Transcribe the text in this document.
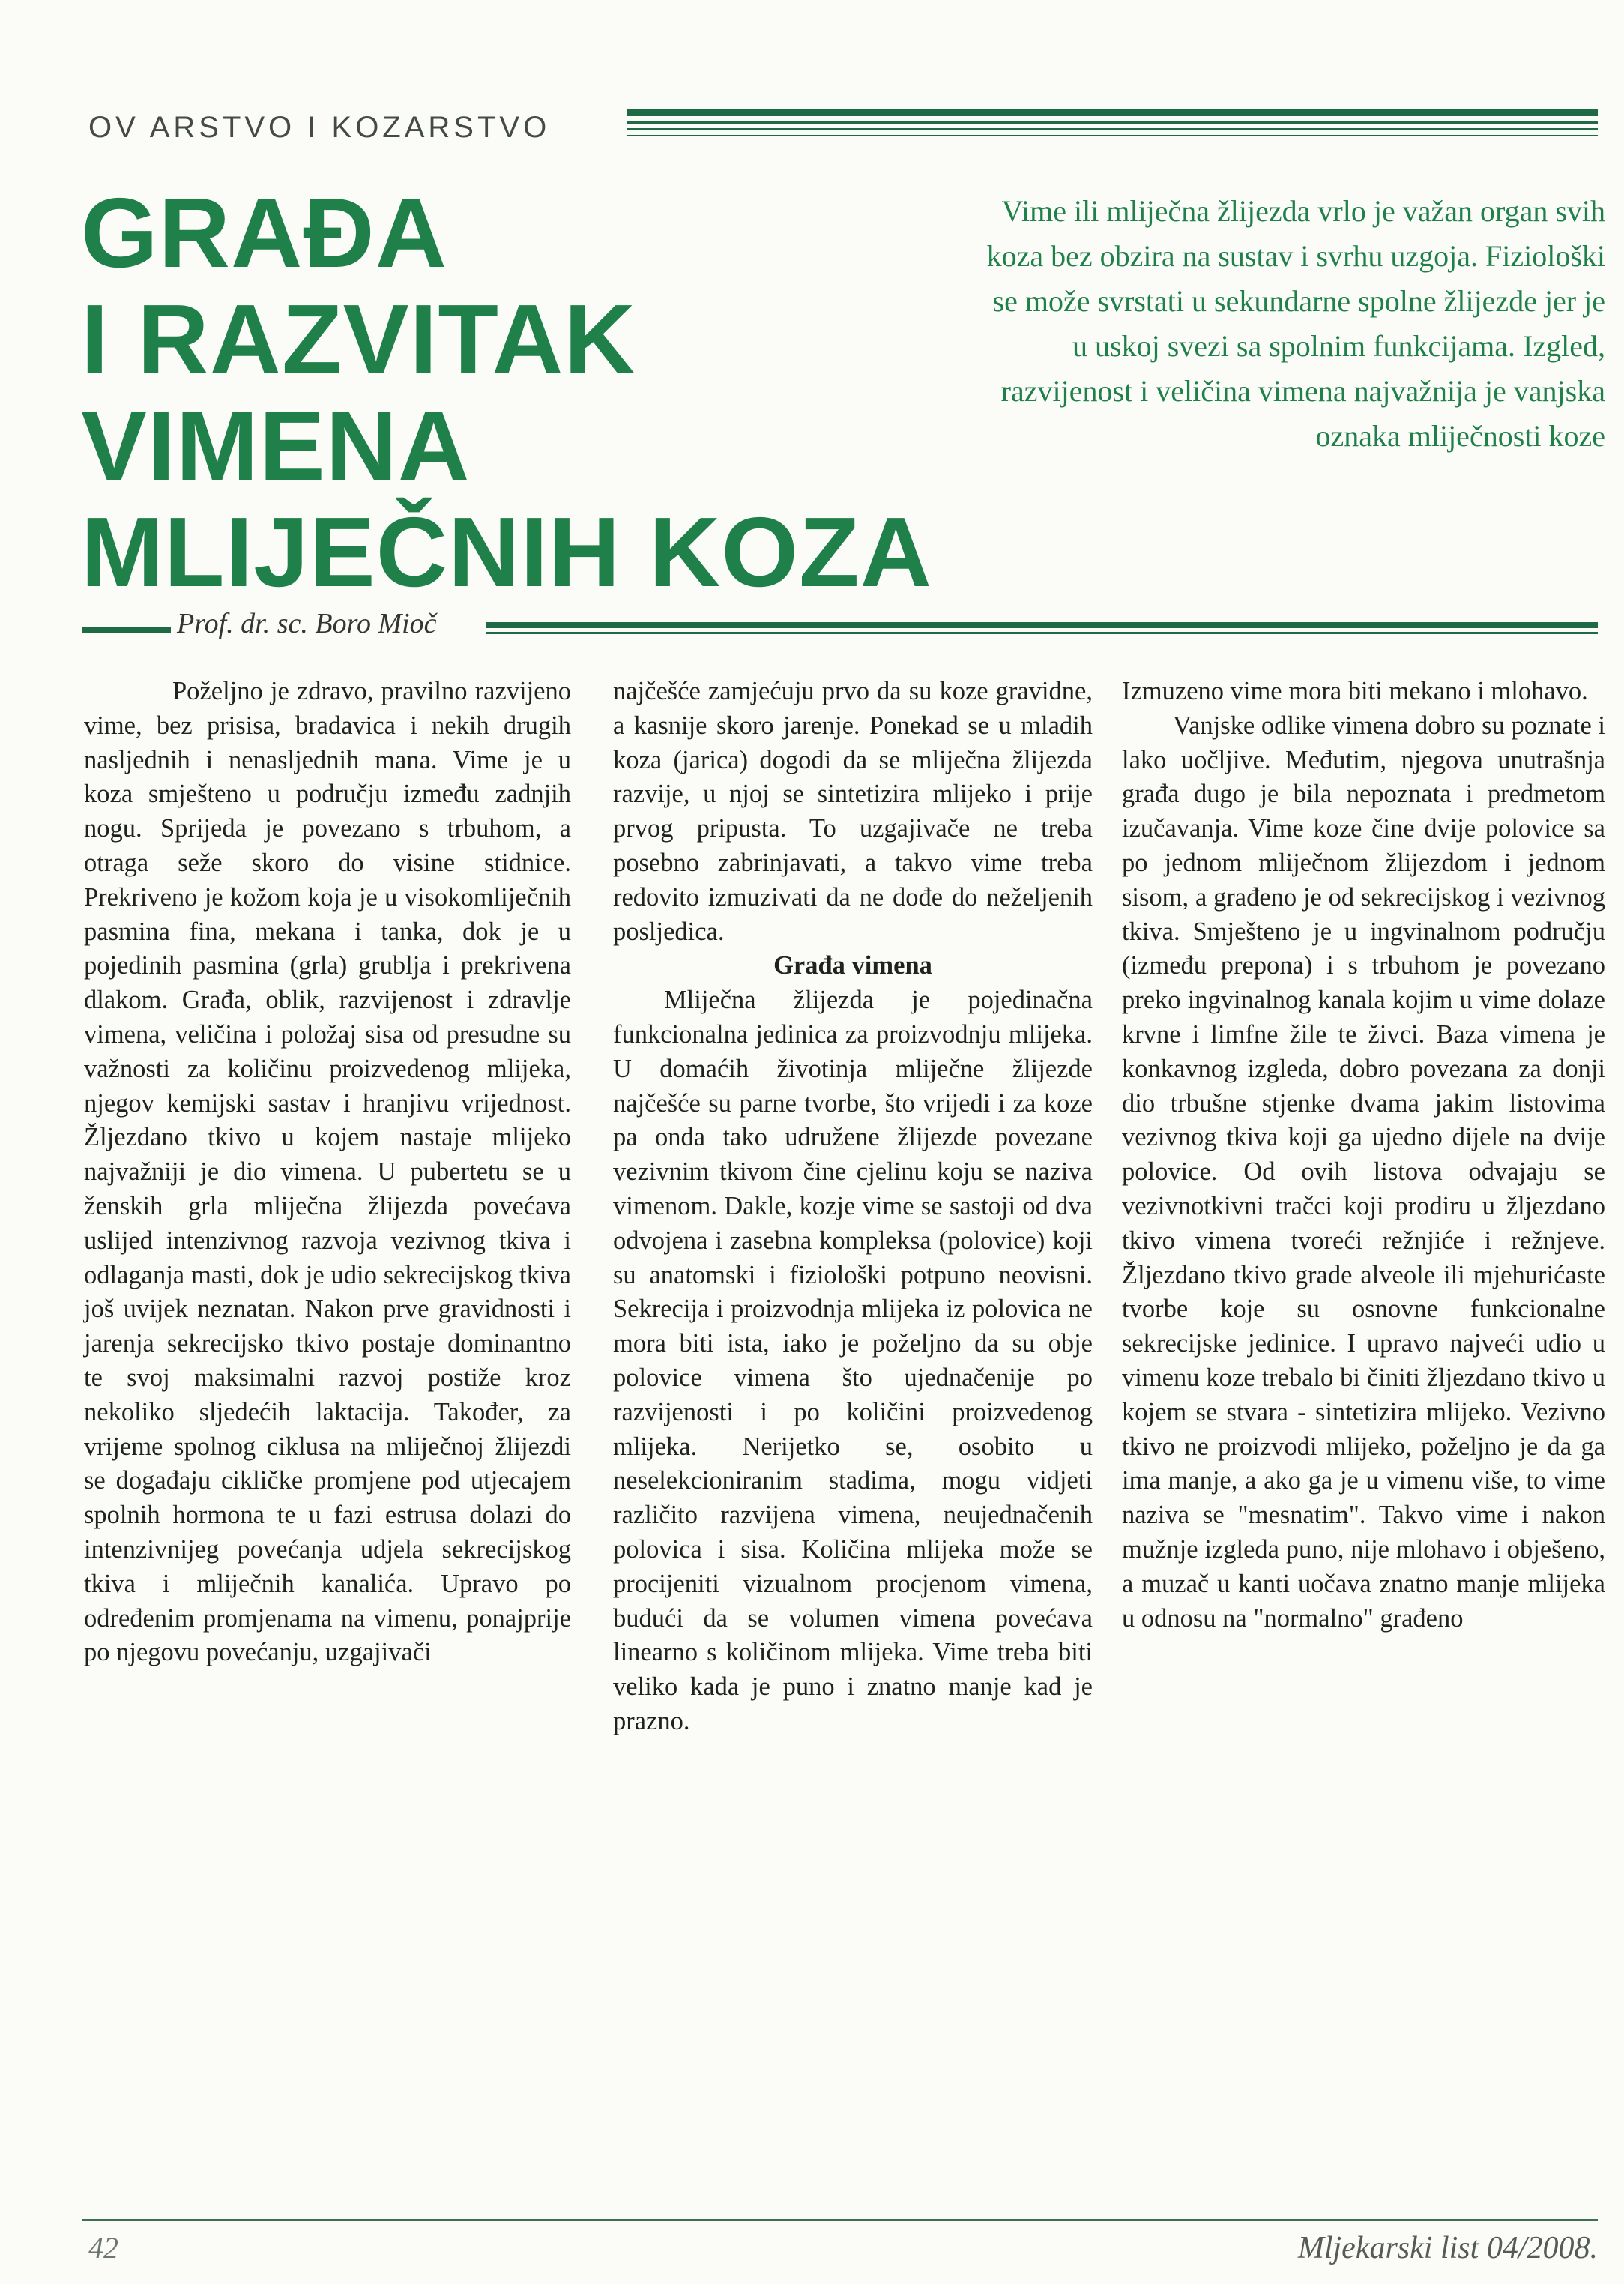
OV ARSTVO I KOZARSTVO
GRAĐA
I RAZVITAK
VIMENA
MLIJEČNIH KOZA

Vime ili mliječna žlijezda vrlo je važan organ svih koza bez obzira na sustav i svrhu uzgoja. Fiziološki se može svrstati u sekundarne spolne žlijezde jer je u uskoj svezi sa spolnim funkcijama. Izgled, razvijenost i veličina vimena najvažnija je vanjska oznaka mliječnosti koze

Prof. dr. sc. Boro Mioč

Poželjno je zdravo, pravilno razvijeno vime, bez prisisa, bradavica i nekih drugih nasljednih i nenasljednih mana. Vime je u koza smješteno u području između zadnjih nogu. Sprijeda je povezano s trbuhom, a otraga seže skoro do visine stidnice. Prekriveno je kožom koja je u visokomliječnih pasmina fina, mekana i tanka, dok je u pojedinih pasmina (grla) grublja i prekrivena dlakom. Građa, oblik, razvijenost i zdravlje vimena, veličina i položaj sisa od presudne su važnosti za količinu proizvedenog mlijeka, njegov kemijski sastav i hranjivu vrijednost. Žljezdano tkivo u kojem nastaje mlijeko najvažniji je dio vimena. U pubertetu se u ženskih grla mliječna žlijezda povećava uslijed intenzivnog razvoja vezivnog tkiva i odlaganja masti, dok je udio sekrecijskog tkiva još uvijek neznatan. Nakon prve gravidnosti i jarenja sekrecijsko tkivo postaje dominantno te svoj maksimalni razvoj postiže kroz nekoliko sljedećih laktacija. Također, za vrijeme spolnog ciklusa na mliječnoj žlijezdi se događaju cikličke promjene pod utjecajem spolnih hormona te u fazi estrusa dolazi do intenzivnijeg povećanja udjela sekrecijskog tkiva i mliječnih kanalića. Upravo po određenim promjenama na vimenu, ponajprije po njegovu povećanju, uzgajivači

najčešće zamjećuju prvo da su koze gravidne, a kasnije skoro jarenje. Ponekad se u mladih koza (jarica) dogodi da se mliječna žlijezda razvije, u njoj se sintetizira mlijeko i prije prvog pripusta. To uzgajivače ne treba posebno zabrinjavati, a takvo vime treba redovito izmuzivati da ne dođe do neželjenih posljedica.

Građa vimena

Mliječna žlijezda je pojedinačna funkcionalna jedinica za proizvodnju mlijeka. U domaćih životinja mliječne žlijezde najčešće su parne tvorbe, što vrijedi i za koze pa onda tako udružene žlijezde povezane vezivnim tkivom čine cjelinu koju se naziva vimenom. Dakle, kozje vime se sastoji od dva odvojena i zasebna kompleksa (polovice) koji su anatomski i fiziološki potpuno neovisni. Sekrecija i proizvodnja mlijeka iz polovica ne mora biti ista, iako je poželjno da su obje polovice vimena što ujednačenije po razvijenosti i po količini proizvedenog mlijeka. Nerijetko se, osobito u neselekcioniranim stadima, mogu vidjeti različito razvijena vimena, neujednačenih polovica i sisa. Količina mlijeka može se procijeniti vizualnom procjenom vimena, budući da se volumen vimena povećava linearno s količinom mlijeka. Vime treba biti veliko kada je puno i znatno manje kad je prazno.

Izmuzeno vime mora biti mekano i mlohavo.

Vanjske odlike vimena dobro su poznate i lako uočljive. Međutim, njegova unutrašnja građa dugo je bila nepoznata i predmetom izučavanja. Vime koze čine dvije polovice sa po jednom mliječnom žlijezdom i jednom sisom, a građeno je od sekrecijskog i vezivnog tkiva. Smješteno je u ingvinalnom području (između prepona) i s trbuhom je povezano preko ingvinalnog kanala kojim u vime dolaze krvne i limfne žile te živci. Baza vimena je konkavnog izgleda, dobro povezana za donji dio trbušne stjenke dvama jakim listovima vezivnog tkiva koji ga ujedno dijele na dvije polovice. Od ovih listova odvajaju se vezivnotkivni tračci koji prodiru u žljezdano tkivo vimena tvoreći režnjiće i režnjeve. Žljezdano tkivo grade alveole ili mjehurićaste tvorbe koje su osnovne funkcionalne sekrecijske jedinice. I upravo najveći udio u vimenu koze trebalo bi činiti žljezdano tkivo u kojem se stvara - sintetizira mlijeko. Vezivno tkivo ne proizvodi mlijeko, poželjno je da ga ima manje, a ako ga je u vimenu više, to vime naziva se "mesnatim". Takvo vime i nakon mužnje izgleda puno, nije mlohavo i obješeno, a muzač u kanti uočava znatno manje mlijeka u odnosu na "normalno" građeno

42	Mljekarski list 04/2008.
